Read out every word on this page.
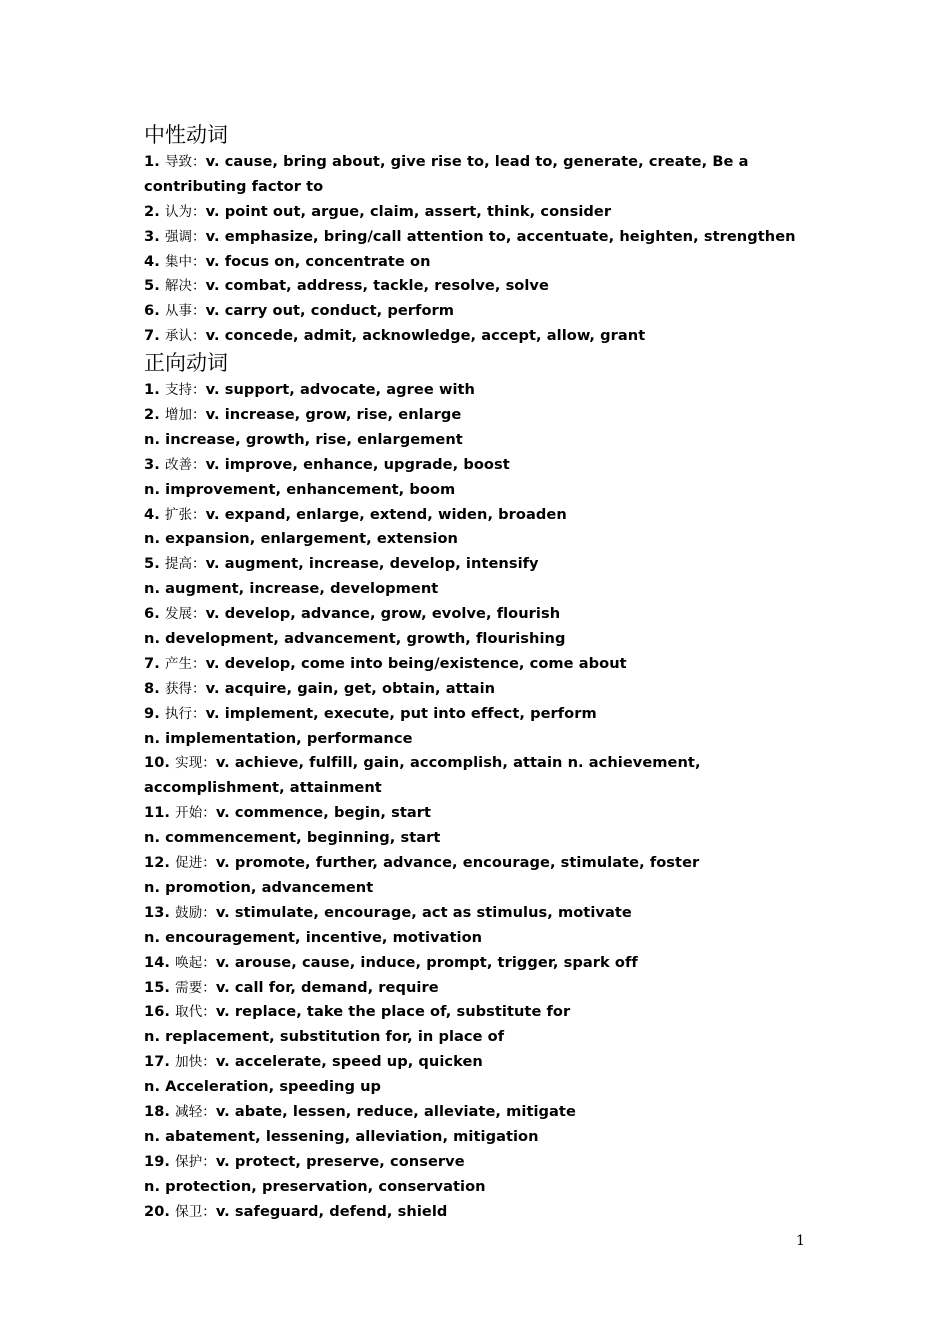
中性动词
1. 导致：v. cause, bring about, give rise to, lead to, generate, create, Be a
contributing factor to
2. 认为：v. point out, argue, claim, assert, think, consider
3. 强调：v. emphasize, bring/call attention to, accentuate, heighten, strengthen
4. 集中：v. focus on, concentrate on
5. 解决：v. combat, address, tackle, resolve, solve
6. 从事：v. carry out, conduct, perform
7. 承认：v. concede, admit, acknowledge, accept, allow, grant
正向动词
1. 支持：v. support, advocate, agree with
2. 增加：v. increase, grow, rise, enlarge
n. increase, growth, rise, enlargement
3. 改善：v. improve, enhance, upgrade, boost
n. improvement, enhancement, boom
4. 扩张：v. expand, enlarge, extend, widen, broaden
n. expansion, enlargement, extension
5. 提高：v. augment, increase, develop, intensify
n. augment, increase, development
6. 发展：v. develop, advance, grow, evolve, flourish
n. development, advancement, growth, flourishing
7. 产生：v. develop, come into being/existence, come about
8. 获得：v. acquire, gain, get, obtain, attain
9. 执行：v. implement, execute, put into effect, perform
n. implementation, performance
10. 实现：v. achieve, fulfill, gain, accomplish, attain n. achievement,
accomplishment, attainment
11. 开始：v. commence, begin, start
n. commencement, beginning, start
12. 促进：v. promote, further, advance, encourage, stimulate, foster
n. promotion, advancement
13. 鼓励：v. stimulate, encourage, act as stimulus, motivate
n. encouragement, incentive, motivation
14. 唤起：v. arouse, cause, induce, prompt, trigger, spark off
15. 需要：v. call for, demand, require
16. 取代：v. replace, take the place of, substitute for
n. replacement, substitution for, in place of
17. 加快：v. accelerate, speed up, quicken
n. Acceleration, speeding up
18. 减轻：v. abate, lessen, reduce, alleviate, mitigate
n. abatement, lessening, alleviation, mitigation
19. 保护：v. protect, preserve, conserve
n. protection, preservation, conservation
20. 保卫：v. safeguard, defend, shield
1
